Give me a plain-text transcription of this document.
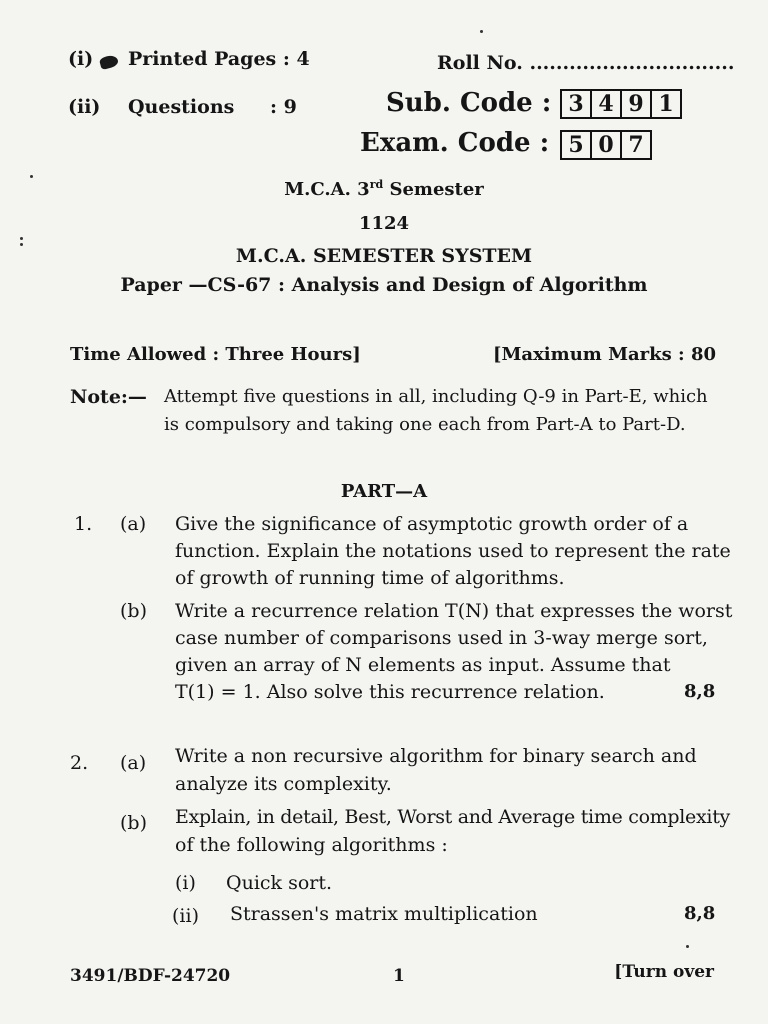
(i) Printed Pages : 4	Roll No. ...............................
(ii) Questions : 9	Sub. Code : 3 4 9 1
Exam. Code : 5 0 7
M.C.A. 3rd Semester
1124
M.C.A. SEMESTER SYSTEM
Paper —CS-67 : Analysis and Design of Algorithm
Time Allowed : Three Hours]	[Maximum Marks : 80
Note:— Attempt five questions in all, including Q-9 in Part-E, which
is compulsory and taking one each from Part-A to Part-D.
PART—A
1. (a) Give the significance of asymptotic growth order of a
function. Explain the notations used to represent the rate
of growth of running time of algorithms.
(b) Write a recurrence relation T(N) that expresses the worst
case number of comparisons used in 3-way merge sort,
given an array of N elements as input. Assume that
T(1) = 1. Also solve this recurrence relation.	8,8
2. (a) Write a non recursive algorithm for binary search and
analyze its complexity.
(b) Explain, in detail, Best, Worst and Average time complexity
of the following algorithms :
(i) Quick sort.
(ii) Strassen's matrix multiplication	8,8
3491/BDF-24720	1	[Turn over
